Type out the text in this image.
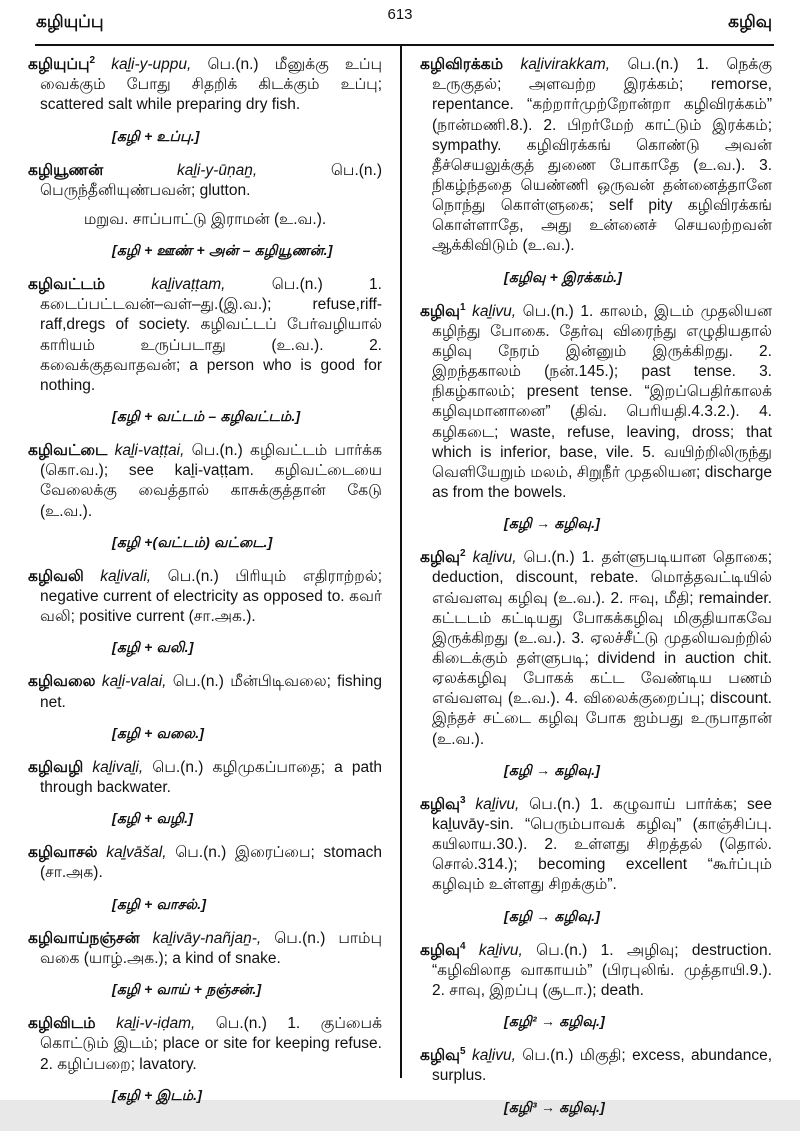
கழியுப்பு	கழிவு
613

கழியுப்பு$^2$ kaḻi-y-uppu, பெ.(n.) மீனுக்கு உப்பு வைக்கும் போது சிதறிக் கிடக்கும் உப்பு; scattered salt while preparing dry fish.

[கழி + உப்பு.]

கழியூணன்	kaḻi-y-ūṇaṉ,	பெ.(n.) பெருந்தீனியுண்பவன்; glutton.

மறுவ. சாப்பாட்டு இராமன் (உ.வ.).

[கழி + ஊண் + அன் – கழியூணன்.]

கழிவட்டம்	kaḻivaṭṭam,	பெ.(n.) 1. கடைப்பட்டவன்–வள்–து.(இ.வ.); refuse,riff-raff,dregs of society. கழிவட்டப் பேர்வழியால் காரியம் உருப்படாது (உ.வ.). 2. கவைக்குதவாதவன்; a person who is good for nothing.

[கழி + வட்டம் – கழிவட்டம்.]

கழிவட்டை kaḻi-vaṭṭai, பெ.(n.) கழிவட்டம் பார்க்க (கொ.வ.); see kaḻi-vaṭṭam. கழிவட்டையை வேலைக்கு வைத்தால் காசுக்குத்தான் கேடு (உ.வ.).

[கழி +(வட்டம்) வட்டை.]

கழிவலி kaḻivali, பெ.(n.) பிரியும் எதிராற்றல்; negative current of electricity as opposed to. கவர் வலி; positive current (சா.அக.).

[கழி + வலி.]

கழிவலை kaḻi-valai, பெ.(n.) மீன்பிடிவலை; fishing net.

[கழி + வலை.]

கழிவழி kaḻivaḻi, பெ.(n.) கழிமுகப்பாதை; a path through backwater.

[கழி + வழி.]

கழிவாசல் kaḻvāšal, பெ.(n.) இரைப்பை; stomach (சா.அக).

[கழி + வாசல்.]

கழிவாய்நஞ்சன் kaḻivāy-nañjaṉ-, பெ.(n.) பாம்பு வகை (யாழ்.அக.); a kind of snake.

[கழி + வாய் + நஞ்சன்.]

கழிவிடம் kaḻi-v-iḍam, பெ.(n.) 1. குப்பைக் கொட்டும் இடம்; place or site for keeping refuse. 2. கழிப்பறை; lavatory.

[கழி + இடம்.]

கழிவிரக்கம் kaḻivirakkam, பெ.(n.) 1. நெக்கு உருகுதல்; அளவற்ற இரக்கம்; remorse, repentance. “கற்றார்முற்றோன்றா கழிவிரக்கம்” (நான்மணி.8.). 2. பிறர்மேற் காட்டும் இரக்கம்; sympathy. கழிவிரக்கங் கொண்டு அவன் தீச்செயலுக்குத் துணை போகாதே (உ.வ.). 3. நிகழ்ந்ததை யெண்ணி ஒருவன் தன்னைத்தானே நொந்து கொள்ளுகை; self pity கழிவிரக்கங் கொள்ளாதே, அது உன்னைச் செயலற்றவன் ஆக்கிவிடும் (உ.வ.).

[கழிவு + இரக்கம்.]

கழிவு$^1$ kaḻivu, பெ.(n.) 1. காலம், இடம் முதலியன கழிந்து போகை. தேர்வு விரைந்து எழுதியதால் கழிவு நேரம் இன்னும் இருக்கிறது. 2. இறந்தகாலம் (நன்.145.); past tense. 3. நிகழ்காலம்; present tense. “இறப்பெதிர்காலக் கழிவுமானானை” (திவ். பெரியதி.4.3.2.). 4. கழிகடை; waste, refuse, leaving, dross; that which is inferior, base, vile. 5. வயிற்றிலிருந்து வெளியேறும் மலம், சிறுநீர் முதலியன; discharge as from the bowels.

[கழி → கழிவு.]

கழிவு$^2$ kaḻivu, பெ.(n.) 1. தள்ளுபடியான தொகை; deduction, discount, rebate. மொத்தவட்டியில் எவ்வளவு கழிவு (உ.வ.). 2. ஈவு, மீதி; remainder. கட்டடம் கட்டியது போகக்கழிவு மிகுதியாகவே இருக்கிறது (உ.வ.). 3. ஏலச்சீட்டு முதலியவற்றில் கிடைக்கும் தள்ளுபடி; dividend in auction chit. ஏலக்கழிவு போகக் கட்ட வேண்டிய பணம் எவ்வளவு (உ.வ.). 4. விலைக்குறைப்பு; discount. இந்தச் சட்டை கழிவு போக ஐம்பது உருபாதான் (உ.வ.).

[கழி → கழிவு.]

கழிவு$^3$ kaḻivu, பெ.(n.) 1. கழுவாய் பார்க்க; see kaḻuvāy-sin. “பெரும்பாவக் கழிவு” (காஞ்சிப்பு. கயிலாய.30.). 2. உள்ளது சிறத்தல் (தொல். சொல்.314.); becoming excellent “கூர்ப்பும் கழிவும் உள்ளது சிறக்கும்”.

[கழி → கழிவு.]

கழிவு$^4$ kaḻivu, பெ.(n.) 1. அழிவு; destruction. “கழிவிலாத வாகாயம்” (பிரபுலிங். முத்தாயி.9.). 2. சாவு, இறப்பு (சூடா.); death.

[கழி² → கழிவு.]

கழிவு$^5$ kaḻivu, பெ.(n.) மிகுதி; excess, abundance, surplus.

[கழி³ → கழிவு.]
